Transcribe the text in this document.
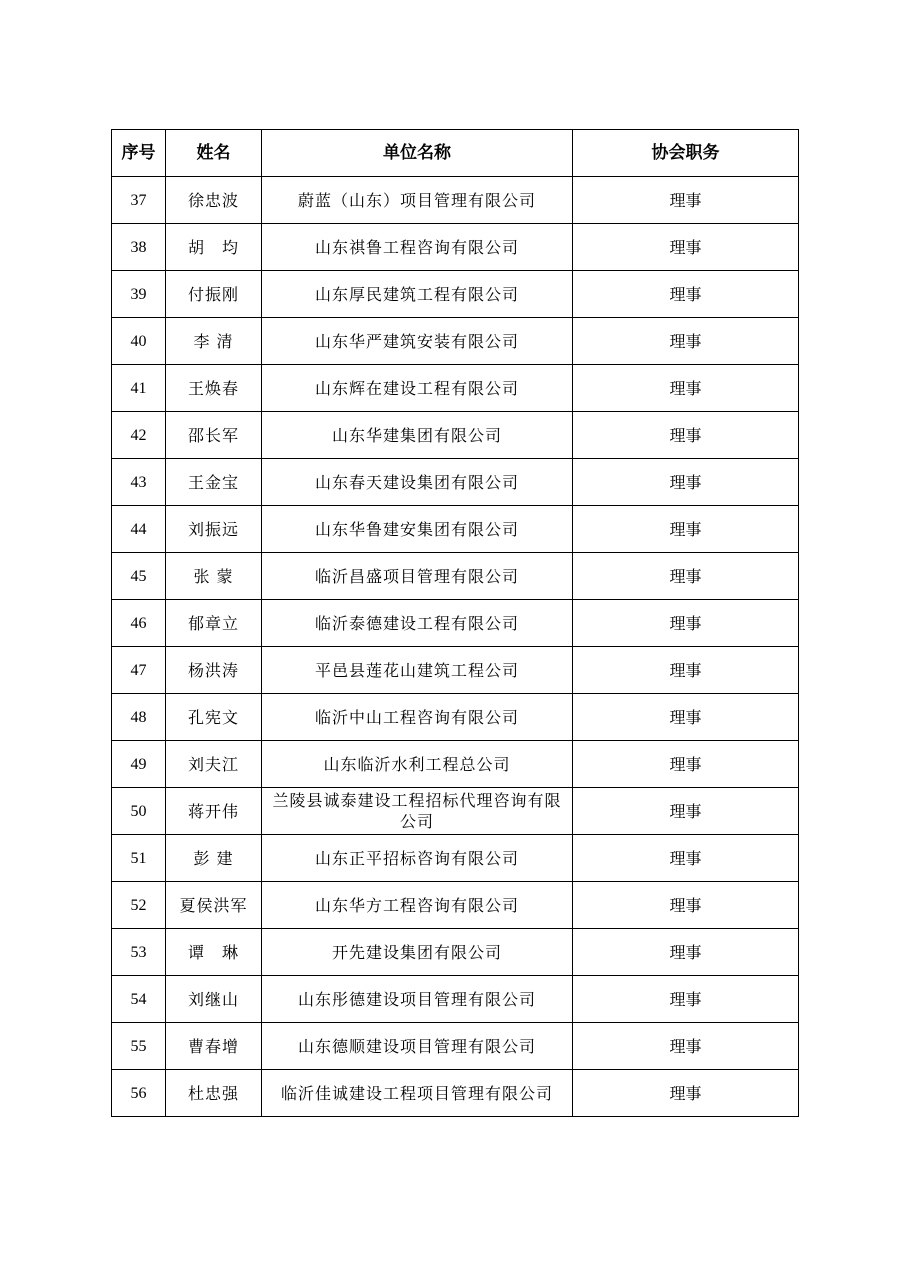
序号	姓名	单位名称	协会职务
37	徐忠波	蔚蓝（山东）项目管理有限公司	理事
38	胡　均	山东祺鲁工程咨询有限公司	理事
39	付振刚	山东厚民建筑工程有限公司	理事
40	李 清	山东华严建筑安装有限公司	理事
41	王焕春	山东辉在建设工程有限公司	理事
42	邵长军	山东华建集团有限公司	理事
43	王金宝	山东春天建设集团有限公司	理事
44	刘振远	山东华鲁建安集团有限公司	理事
45	张 蒙	临沂昌盛项目管理有限公司	理事
46	郁章立	临沂泰德建设工程有限公司	理事
47	杨洪涛	平邑县莲花山建筑工程公司	理事
48	孔宪文	临沂中山工程咨询有限公司	理事
49	刘夫江	山东临沂水利工程总公司	理事
50	蒋开伟	兰陵县诚泰建设工程招标代理咨询有限公司	理事
51	彭 建	山东正平招标咨询有限公司	理事
52	夏侯洪军	山东华方工程咨询有限公司	理事
53	谭　琳	开先建设集团有限公司	理事
54	刘继山	山东彤德建设项目管理有限公司	理事
55	曹春增	山东德顺建设项目管理有限公司	理事
56	杜忠强	临沂佳诚建设工程项目管理有限公司	理事
